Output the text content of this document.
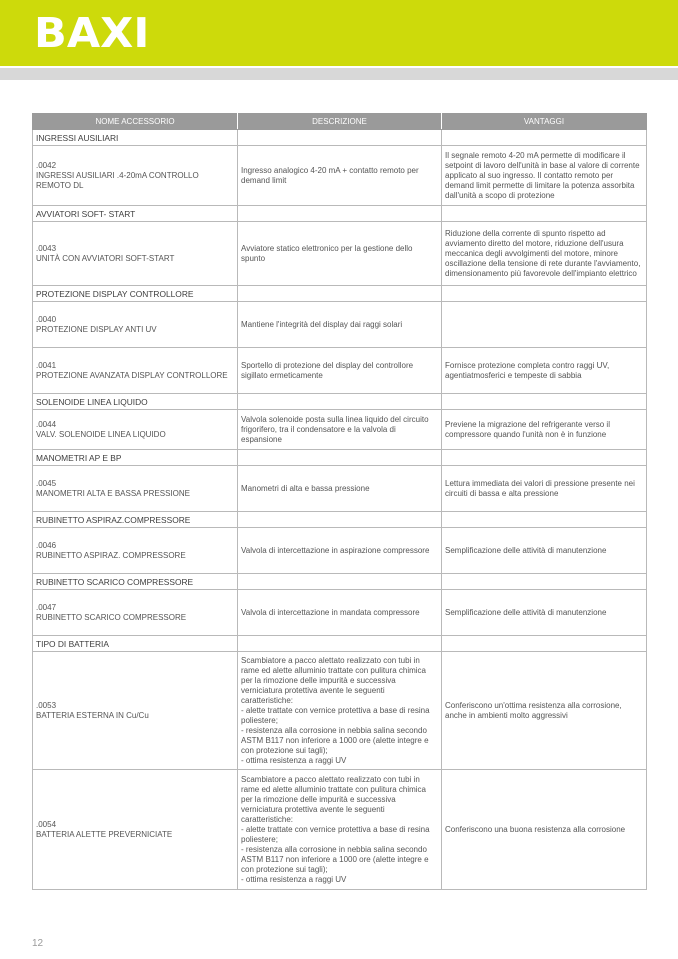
BAXI
NOME ACCESSORIO	DESCRIZIONE	VANTAGGI
INGRESSI AUSILIARI		

.0042
INGRESSI AUSILIARI .4-20mA CONTROLLO REMOTO DL	Ingresso analogico 4-20 mA + contatto remoto per demand limit	Il segnale remoto 4-20 mA permette di modificare il setpoint di lavoro dell'unità in base al valore di corrente applicato al suo ingresso. Il contatto remoto per demand limit permette di limitare la potenza assorbita dall'unità a scopo di protezione
AVVIATORI SOFT- START		

.0043
UNITÀ CON AVVIATORI SOFT-START	Avviatore statico elettronico per la gestione dello spunto	Riduzione della corrente di spunto rispetto ad avviamento diretto del motore, riduzione dell'usura meccanica degli avvolgimenti del motore, minore oscillazione della tensione di rete durante l'avviamento, dimensionamento più favorevole dell'impianto elettrico
PROTEZIONE DISPLAY CONTROLLORE		

.0040
PROTEZIONE DISPLAY ANTI UV	Mantiene l'integrità del display dai raggi solari	

.0041
PROTEZIONE AVANZATA DISPLAY CONTROLLORE	Sportello di protezione del display del controllore sigillato ermeticamente	Fornisce protezione completa contro raggi UV, agentiatmosferici e tempeste di sabbia
SOLENOIDE LINEA LIQUIDO		

.0044
VALV. SOLENOIDE LINEA LIQUIDO	Valvola solenoide posta sulla linea liquido del circuito frigorifero, tra il condensatore e la valvola di espansione	Previene la migrazione del refrigerante verso il compressore quando l'unità non è in funzione
MANOMETRI AP E BP		

.0045
MANOMETRI ALTA E BASSA PRESSIONE	Manometri di alta e bassa pressione	Lettura immediata dei valori di pressione presente nei circuiti di bassa e alta pressione
RUBINETTO ASPIRAZ.COMPRESSORE		

.0046
RUBINETTO ASPIRAZ. COMPRESSORE	Valvola di intercettazione in aspirazione compressore	Semplificazione delle attività di manutenzione
RUBINETTO SCARICO COMPRESSORE		

.0047
RUBINETTO SCARICO COMPRESSORE	Valvola di intercettazione in mandata compressore	Semplificazione delle attività di manutenzione
TIPO DI BATTERIA		

.0053
BATTERIA ESTERNA IN Cu/Cu	Scambiatore a pacco alettato realizzato con tubi in rame ed alette alluminio trattate con pulitura chimica per la rimozione delle impurità e successiva verniciatura protettiva avente le seguenti caratteristiche:
- alette trattate con vernice protettiva a base di resina poliestere;
- resistenza alla corrosione in nebbia salina secondo ASTM B117 non inferiore a 1000 ore (alette integre e con protezione sui tagli);
- ottima resistenza a raggi UV	Conferiscono un'ottima resistenza alla corrosione, anche in ambienti molto aggressivi

.0054
BATTERIA ALETTE PREVERNICIATE	Scambiatore a pacco alettato realizzato con tubi in rame ed alette alluminio trattate con pulitura chimica per la rimozione delle impurità e successiva verniciatura protettiva avente le seguenti caratteristiche:
- alette trattate con vernice protettiva a base di resina poliestere;
- resistenza alla corrosione in nebbia salina secondo ASTM B117 non inferiore a 1000 ore (alette integre e con protezione sui tagli);
- ottima resistenza a raggi UV	Conferiscono una buona resistenza alla corrosione
12
